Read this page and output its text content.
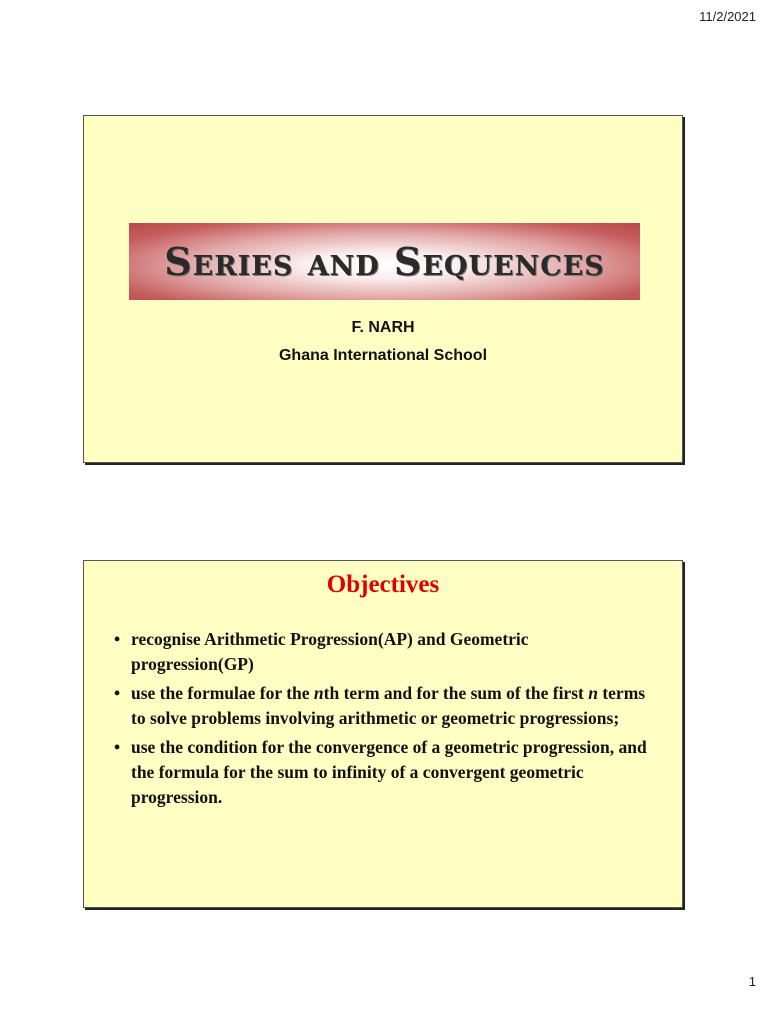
11/2/2021
Series and Sequences
F. NARH
Ghana International School
Objectives
• recognise Arithmetic Progression(AP) and Geometric progression(GP)
• use the formulae for the nth term and for the sum of the first n terms to solve problems involving arithmetic or geometric progressions;
• use the condition for the convergence of a geometric progression, and the formula for the sum to infinity of a convergent geometric progression.
1
